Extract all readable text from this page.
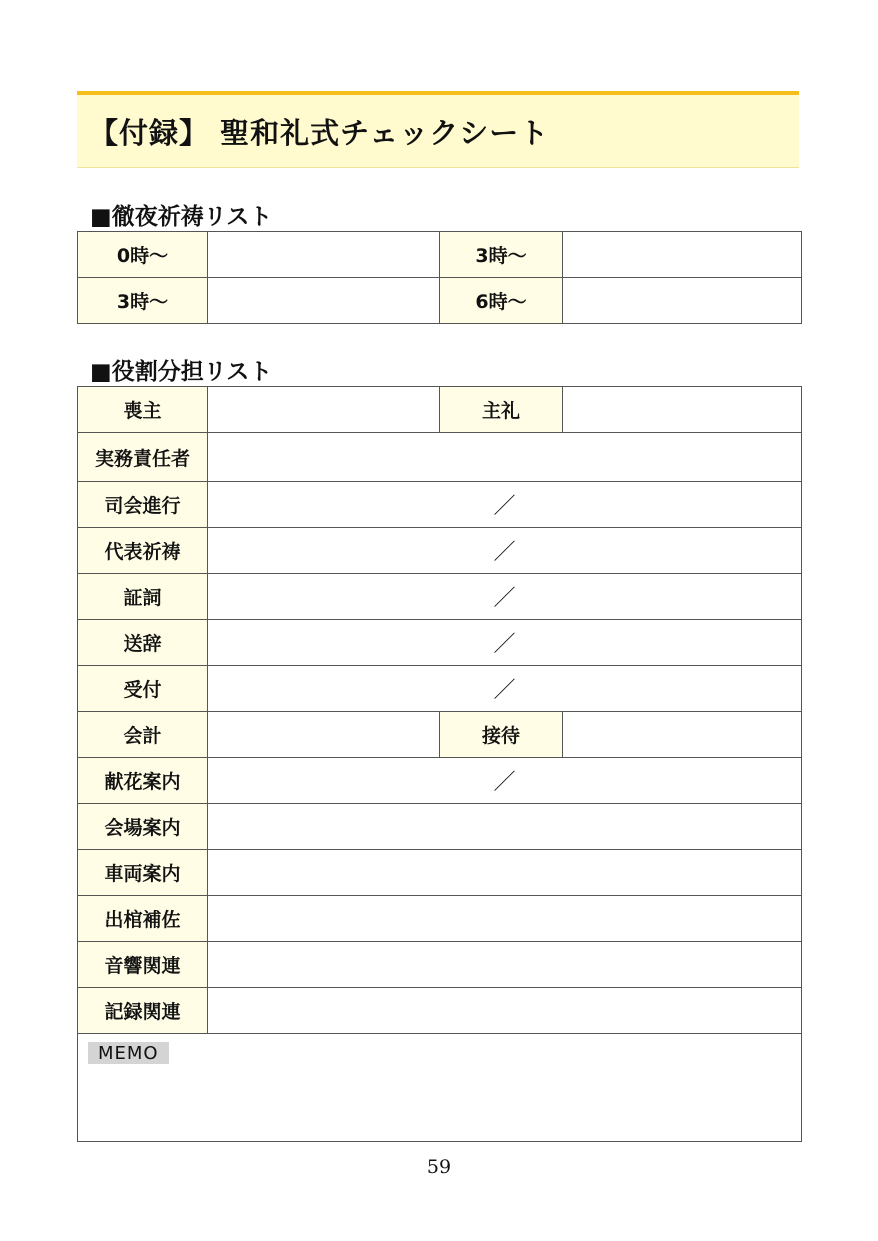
【付録】 聖和礼式チェックシート
■徹夜祈祷リスト
0時～		3時～	
3時～		6時～	
■役割分担リスト
喪主		主礼	
実務責任者			
司会進行	／		
代表祈祷	／		
証詞	／		
送辞	／		
受付	／		
会計		接待	
献花案内	／		
会場案内			
車両案内			
出棺補佐			
音響関連			
記録関連			

MEMO			
59
